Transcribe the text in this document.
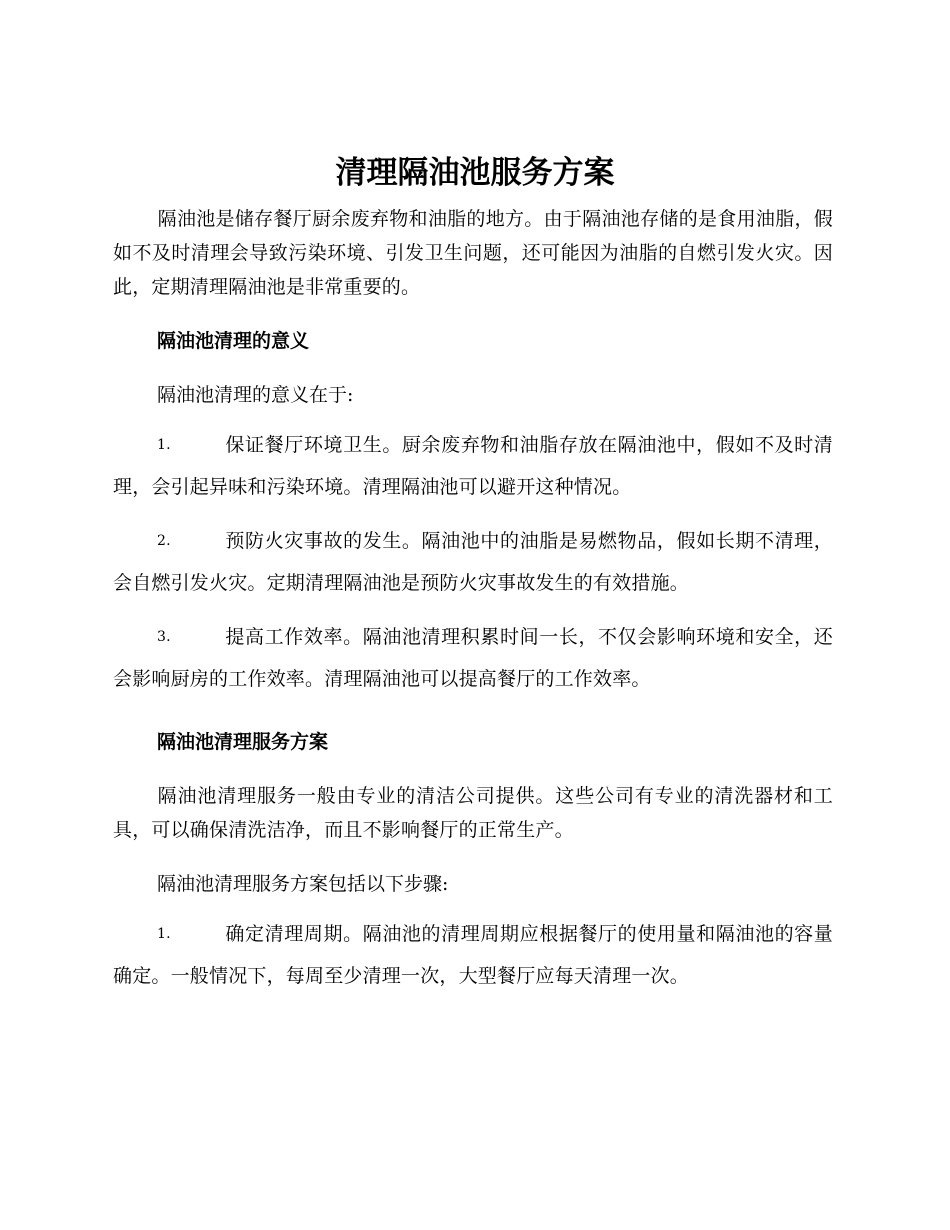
清理隔油池服务方案

隔油池是储存餐厅厨余废弃物和油脂的地方。由于隔油池存储的是食用油脂，假如不及时清理会导致污染环境、引发卫生问题，还可能因为油脂的自燃引发火灾。因此，定期清理隔油池是非常重要的。

隔油池清理的意义

隔油池清理的意义在于:

1.	保证餐厅环境卫生。厨余废弃物和油脂存放在隔油池中，假如不及时清理，会引起异味和污染环境。清理隔油池可以避开这种情况。

2.	预防火灾事故的发生。隔油池中的油脂是易燃物品，假如长期不清理，会自燃引发火灾。定期清理隔油池是预防火灾事故发生的有效措施。

3.	提高工作效率。隔油池清理积累时间一长，不仅会影响环境和安全，还会影响厨房的工作效率。清理隔油池可以提高餐厅的工作效率。

隔油池清理服务方案

隔油池清理服务一般由专业的清洁公司提供。这些公司有专业的清洗器材和工具，可以确保清洗洁净，而且不影响餐厅的正常生产。

隔油池清理服务方案包括以下步骤:

1.	确定清理周期。隔油池的清理周期应根据餐厅的使用量和隔油池的容量确定。一般情况下，每周至少清理一次，大型餐厅应每天清理一次。
